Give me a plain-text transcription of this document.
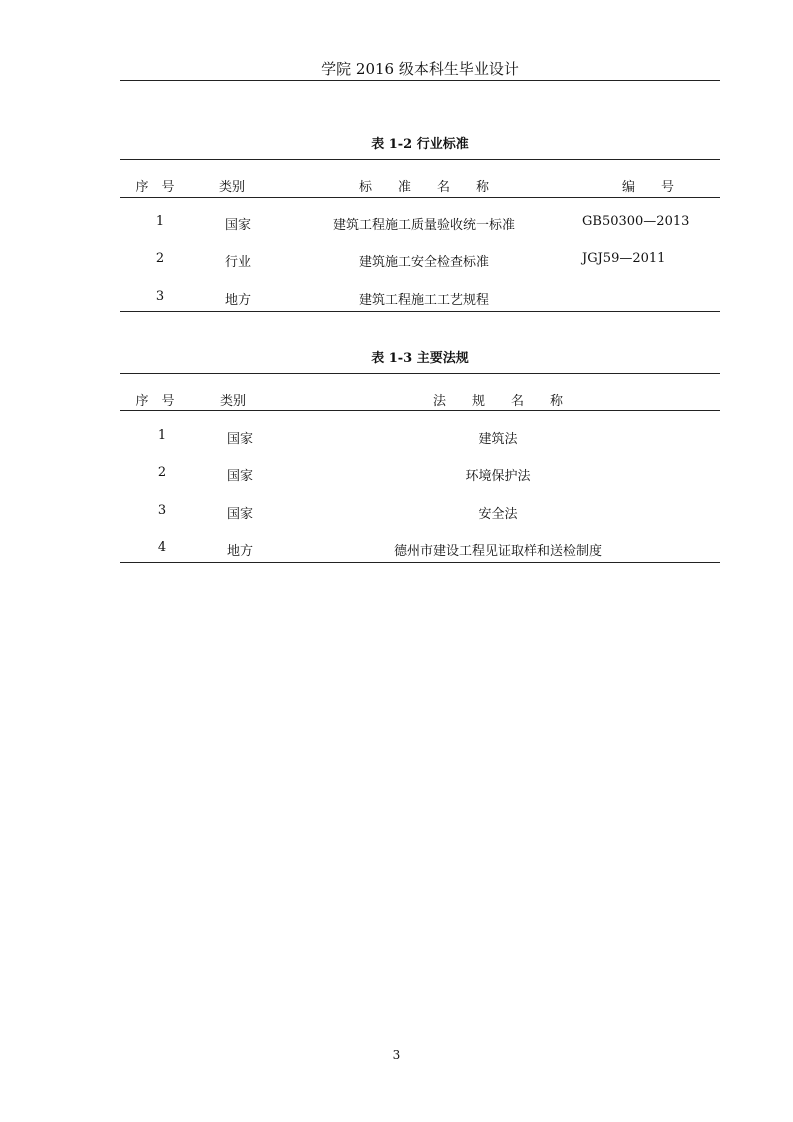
学院 2016 级本科生毕业设计
表 1-2 行业标准
序　号	类别	标　　准　　名　　称	编　　号
1	国家	建筑工程施工质量验收统一标准	GB50300—2013
2	行业	建筑施工安全检查标准	JGJ59—2011
3	地方	建筑工程施工工艺规程
表 1-3 主要法规
序　号	类别	法　　规　　名　　称
1	国家	建筑法
2	国家	环境保护法
3	国家	安全法
4	地方	德州市建设工程见证取样和送检制度
3
